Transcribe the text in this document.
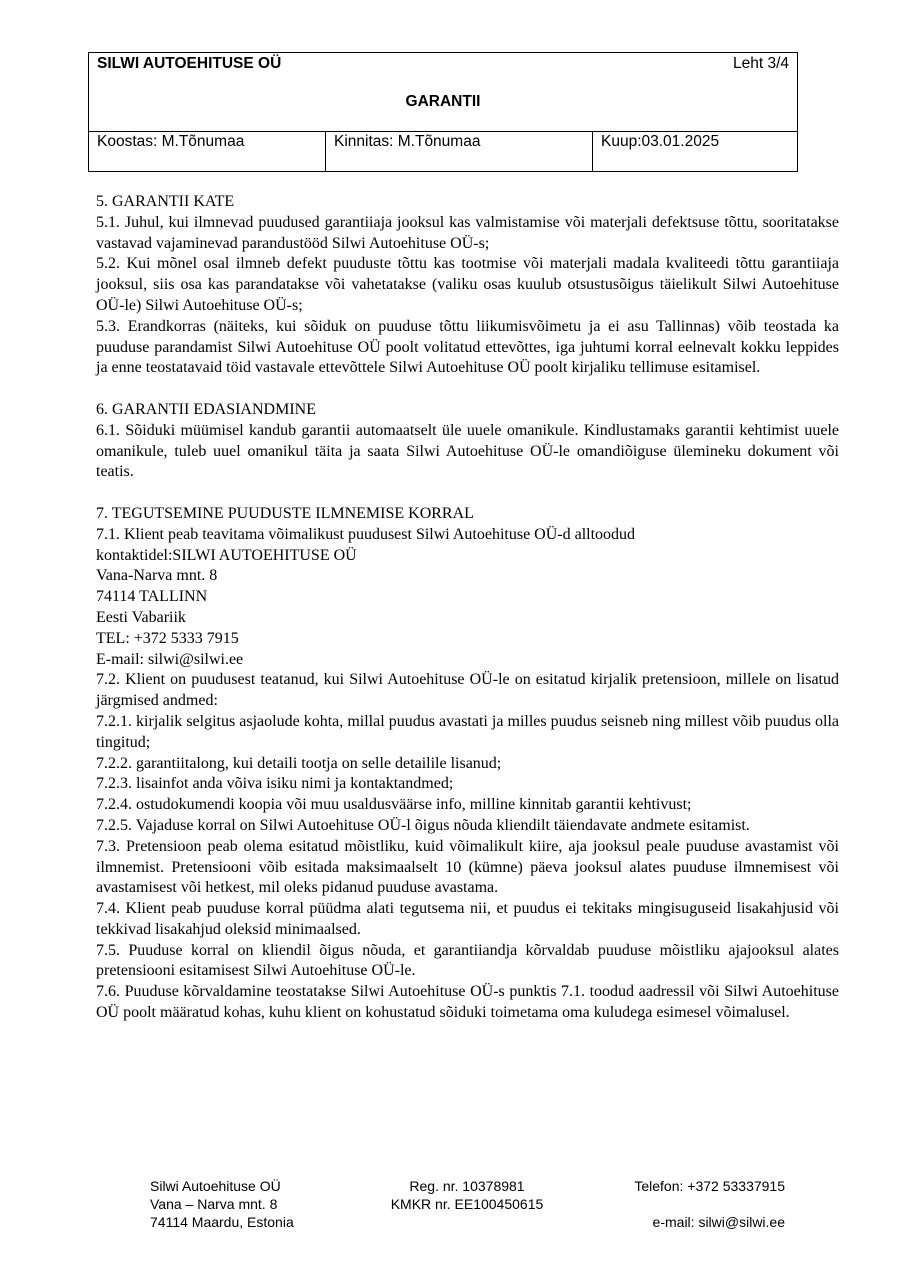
SILWI AUTOEHITUSE OÜ	Leht 3/4
GARANTII

Koostas: M.Tõnumaa	Kinnitas: M.Tõnumaa	Kuup:03.01.2025

5. GARANTII KATE

5.1. Juhul, kui ilmnevad puudused garantiiaja jooksul kas valmistamise või materjali defektsuse tõttu, sooritatakse vastavad vajaminevad parandustööd Silwi Autoehituse OÜ-s;

5.2. Kui mõnel osal ilmneb defekt puuduste tõttu kas tootmise või materjali madala kvaliteedi tõttu garantiiaja jooksul, siis osa kas parandatakse või vahetatakse (valiku osas kuulub otsustusõigus täielikult Silwi Autoehituse OÜ-le) Silwi Autoehituse OÜ-s;

5.3. Erandkorras (näiteks, kui sõiduk on puuduse tõttu liikumisvõimetu ja ei asu Tallinnas) võib teostada ka puuduse parandamist Silwi Autoehituse OÜ poolt volitatud ettevõttes, iga juhtumi korral eelnevalt kokku leppides ja enne teostatavaid töid vastavale ettevõttele Silwi Autoehituse OÜ poolt kirjaliku tellimuse esitamisel.

6. GARANTII EDASIANDMINE

6.1. Sõiduki müümisel kandub garantii automaatselt üle uuele omanikule. Kindlustamaks garantii kehtimist uuele omanikule, tuleb uuel omanikul täita ja saata Silwi Autoehituse OÜ-le omandiõiguse ülemineku dokument või teatis.

7. TEGUTSEMINE PUUDUSTE ILMNEMISE KORRAL

7.1. Klient peab teavitama võimalikust puudusest Silwi Autoehituse OÜ-d alltoodud

kontaktidel:SILWI AUTOEHITUSE OÜ

Vana-Narva mnt. 8

74114 TALLINN

Eesti Vabariik

TEL: +372 5333 7915

E-mail: silwi@silwi.ee

7.2. Klient on puudusest teatanud, kui Silwi Autoehituse OÜ-le on esitatud kirjalik pretensioon, millele on lisatud järgmised andmed:

7.2.1. kirjalik selgitus asjaolude kohta, millal puudus avastati ja milles puudus seisneb ning millest võib puudus olla tingitud;

7.2.2. garantiitalong, kui detaili tootja on selle detailile lisanud;

7.2.3. lisainfot anda võiva isiku nimi ja kontaktandmed;

7.2.4. ostudokumendi koopia või muu usaldusväärse info, milline kinnitab garantii kehtivust;

7.2.5. Vajaduse korral on Silwi Autoehituse OÜ-l õigus nõuda kliendilt täiendavate andmete esitamist.

7.3. Pretensioon peab olema esitatud mõistliku, kuid võimalikult kiire, aja jooksul peale puuduse avastamist või ilmnemist. Pretensiooni võib esitada maksimaalselt 10 (kümne) päeva jooksul alates puuduse ilmnemisest või avastamisest või hetkest, mil oleks pidanud puuduse avastama.

7.4. Klient peab puuduse korral püüdma alati tegutsema nii, et puudus ei tekitaks mingisuguseid lisakahjusid või tekkivad lisakahjud oleksid minimaalsed.

7.5. Puuduse korral on kliendil õigus nõuda, et garantiiandja kõrvaldab puuduse mõistliku ajajooksul alates pretensiooni esitamisest Silwi Autoehituse OÜ-le.

7.6. Puuduse kõrvaldamine teostatakse Silwi Autoehituse OÜ-s punktis 7.1. toodud aadressil või Silwi Autoehituse OÜ poolt määratud kohas, kuhu klient on kohustatud sõiduki toimetama oma kuludega esimesel võimalusel.

Silwi Autoehituse OÜ
Vana – Narva mnt. 8
74114 Maardu, Estonia
Reg. nr. 10378981
KMKR nr. EE100450615
Telefon: +372 53337915
e-mail: silwi@silwi.ee
